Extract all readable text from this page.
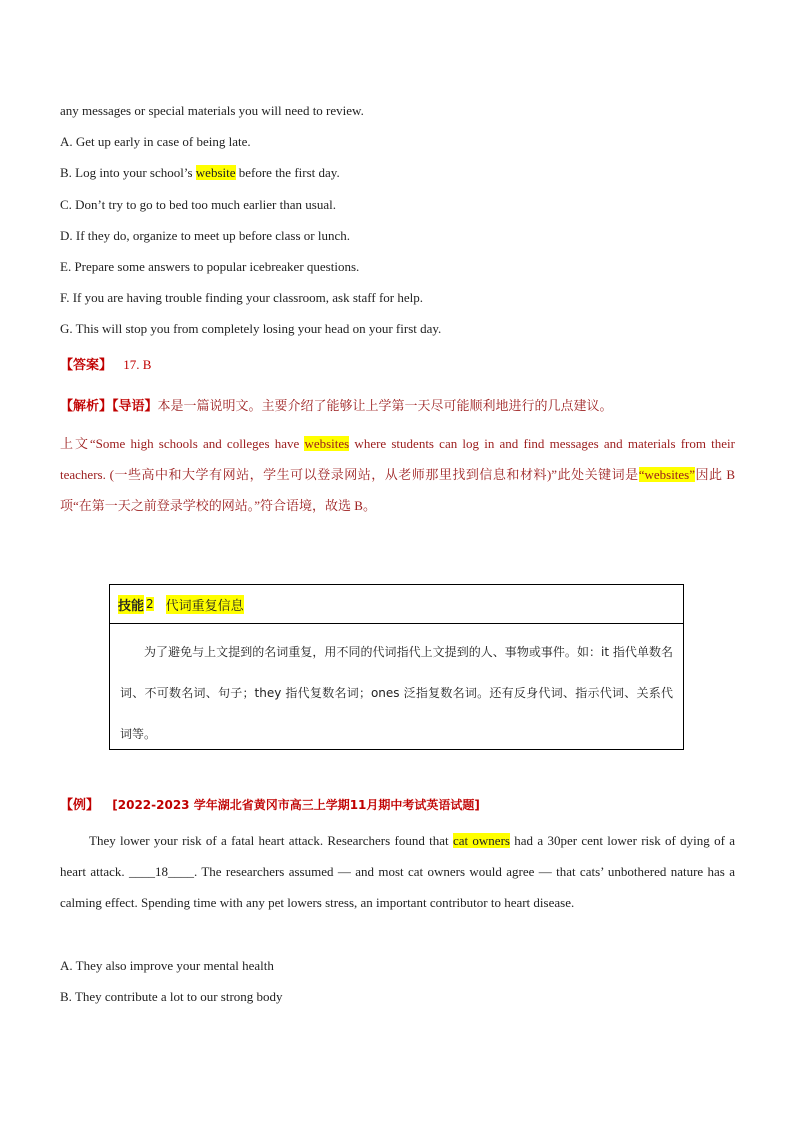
any messages or special materials you will need to review.
A. Get up early in case of being late.
B. Log into your school’s website before the first day.
C. Don’t try to go to bed too much earlier than usual.
D. If they do, organize to meet up before class or lunch.
E. Prepare some answers to popular icebreaker questions.
F. If you are having trouble finding your classroom, ask staff for help.
G. This will stop you from completely losing your head on your first day.
【答案】 17. B
【解析】【导语】本是一篇说明文。主要介绍了能够让上学第一天尽可能顺利地进行的几点建议。
上文“Some high schools and colleges have websites where students can log in and find messages and materials from their teachers. (一些高中和大学有网站，学生可以登录网站，从老师那里找到信息和材料)”此处关键词是“websites”因此 B 项“在第一天之前登录学校的网站。”符合语境，故选 B。
技能 2 代词重复信息
为了避免与上文提到的名词重复，用不同的代词指代上文提到的人、事物或事件。如：it 指代单数名词、不可数名词、句子；they 指代复数名词；ones 泛指复数名词。还有反身代词、指示代词、关系代词等。
【例】 [2022-2023 学年湖北省黄冈市高三上学期11月期中考试英语试题]
They lower your risk of a fatal heart attack. Researchers found that cat owners had a 30per cent lower risk of dying of a heart attack. ____18____. The researchers assumed — and most cat owners would agree — that cats’ unbothered nature has a calming effect. Spending time with any pet lowers stress, an important contributor to heart disease.
A. They also improve your mental health
B. They contribute a lot to our strong body
